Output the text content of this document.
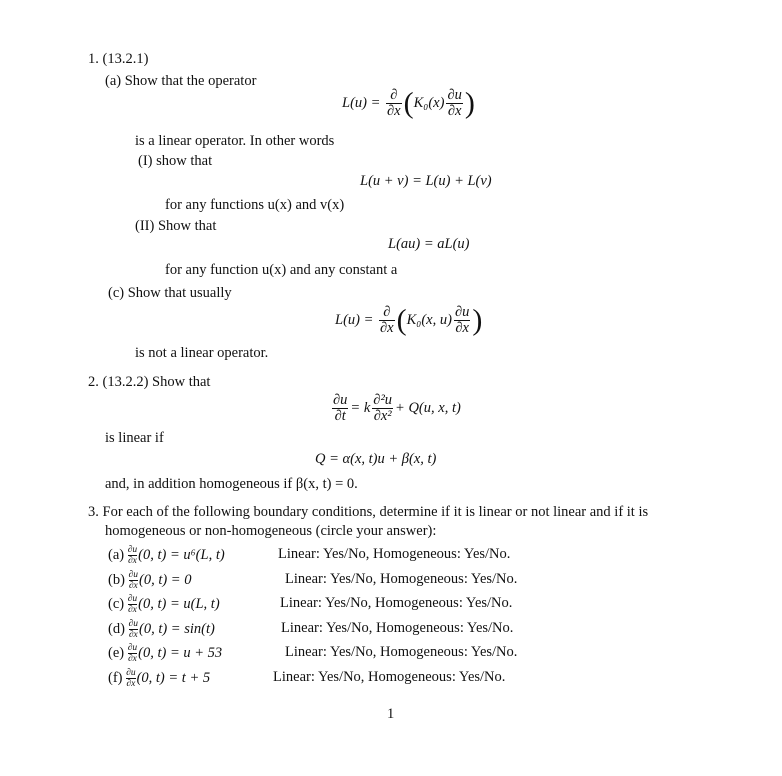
1. (13.2.1)
(a) Show that the operator
$L(u) = \frac{\partial}{\partial x} (K_0(x) \frac{\partial u}{\partial x}$ )
is a linear operator. In other words
(I) show that
L(u + v) = L(u) + L(v)
for any functions u(x) and v(x)
(II) Show that
L(au) = aL(u)
for any function u(x) and any constant a
(c) Show that usually
$L(u) = \frac{\partial}{\partial x} (K_0(x$, $u) \frac{\partial u}{\partial x}$ )
is not a linear operator.
2. (13.2.2) Show that
$\frac{\partial u}{\partial t} = k \frac{\text{∂²u}}{\text{∂x²}} + Q(u$, x, t)
is linear if
Q = α(x, t)u + β(x, t)
and, in addition homogeneous if β(x, t) = 0.
3. For each of the following boundary conditions, determine if it is linear or not linear and if it is
homogeneous or non-homogeneous (circle your answer):
$(a) \frac{\partial u}{\partial x} (0$, t) = u⁶(L, t)	Linear: Yes/No, Homogeneous: Yes/No.
$(b) \frac{\partial u}{\partial x} (0$, t) = 0	Linear: Yes/No, Homogeneous: Yes/No.
$(c) \frac{\partial u}{\partial x} (0$, t) = u(L, t)	Linear: Yes/No, Homogeneous: Yes/No.
$(d) \frac{\partial u}{\partial x} (0$, t) = sin(t)	Linear: Yes/No, Homogeneous: Yes/No.
$(e) \frac{\partial u}{\partial x} (0$, t) = u + 53	Linear: Yes/No, Homogeneous: Yes/No.
$(f) \frac{\partial u}{\partial x} (0$, t) = t + 5	Linear: Yes/No, Homogeneous: Yes/No.
1
